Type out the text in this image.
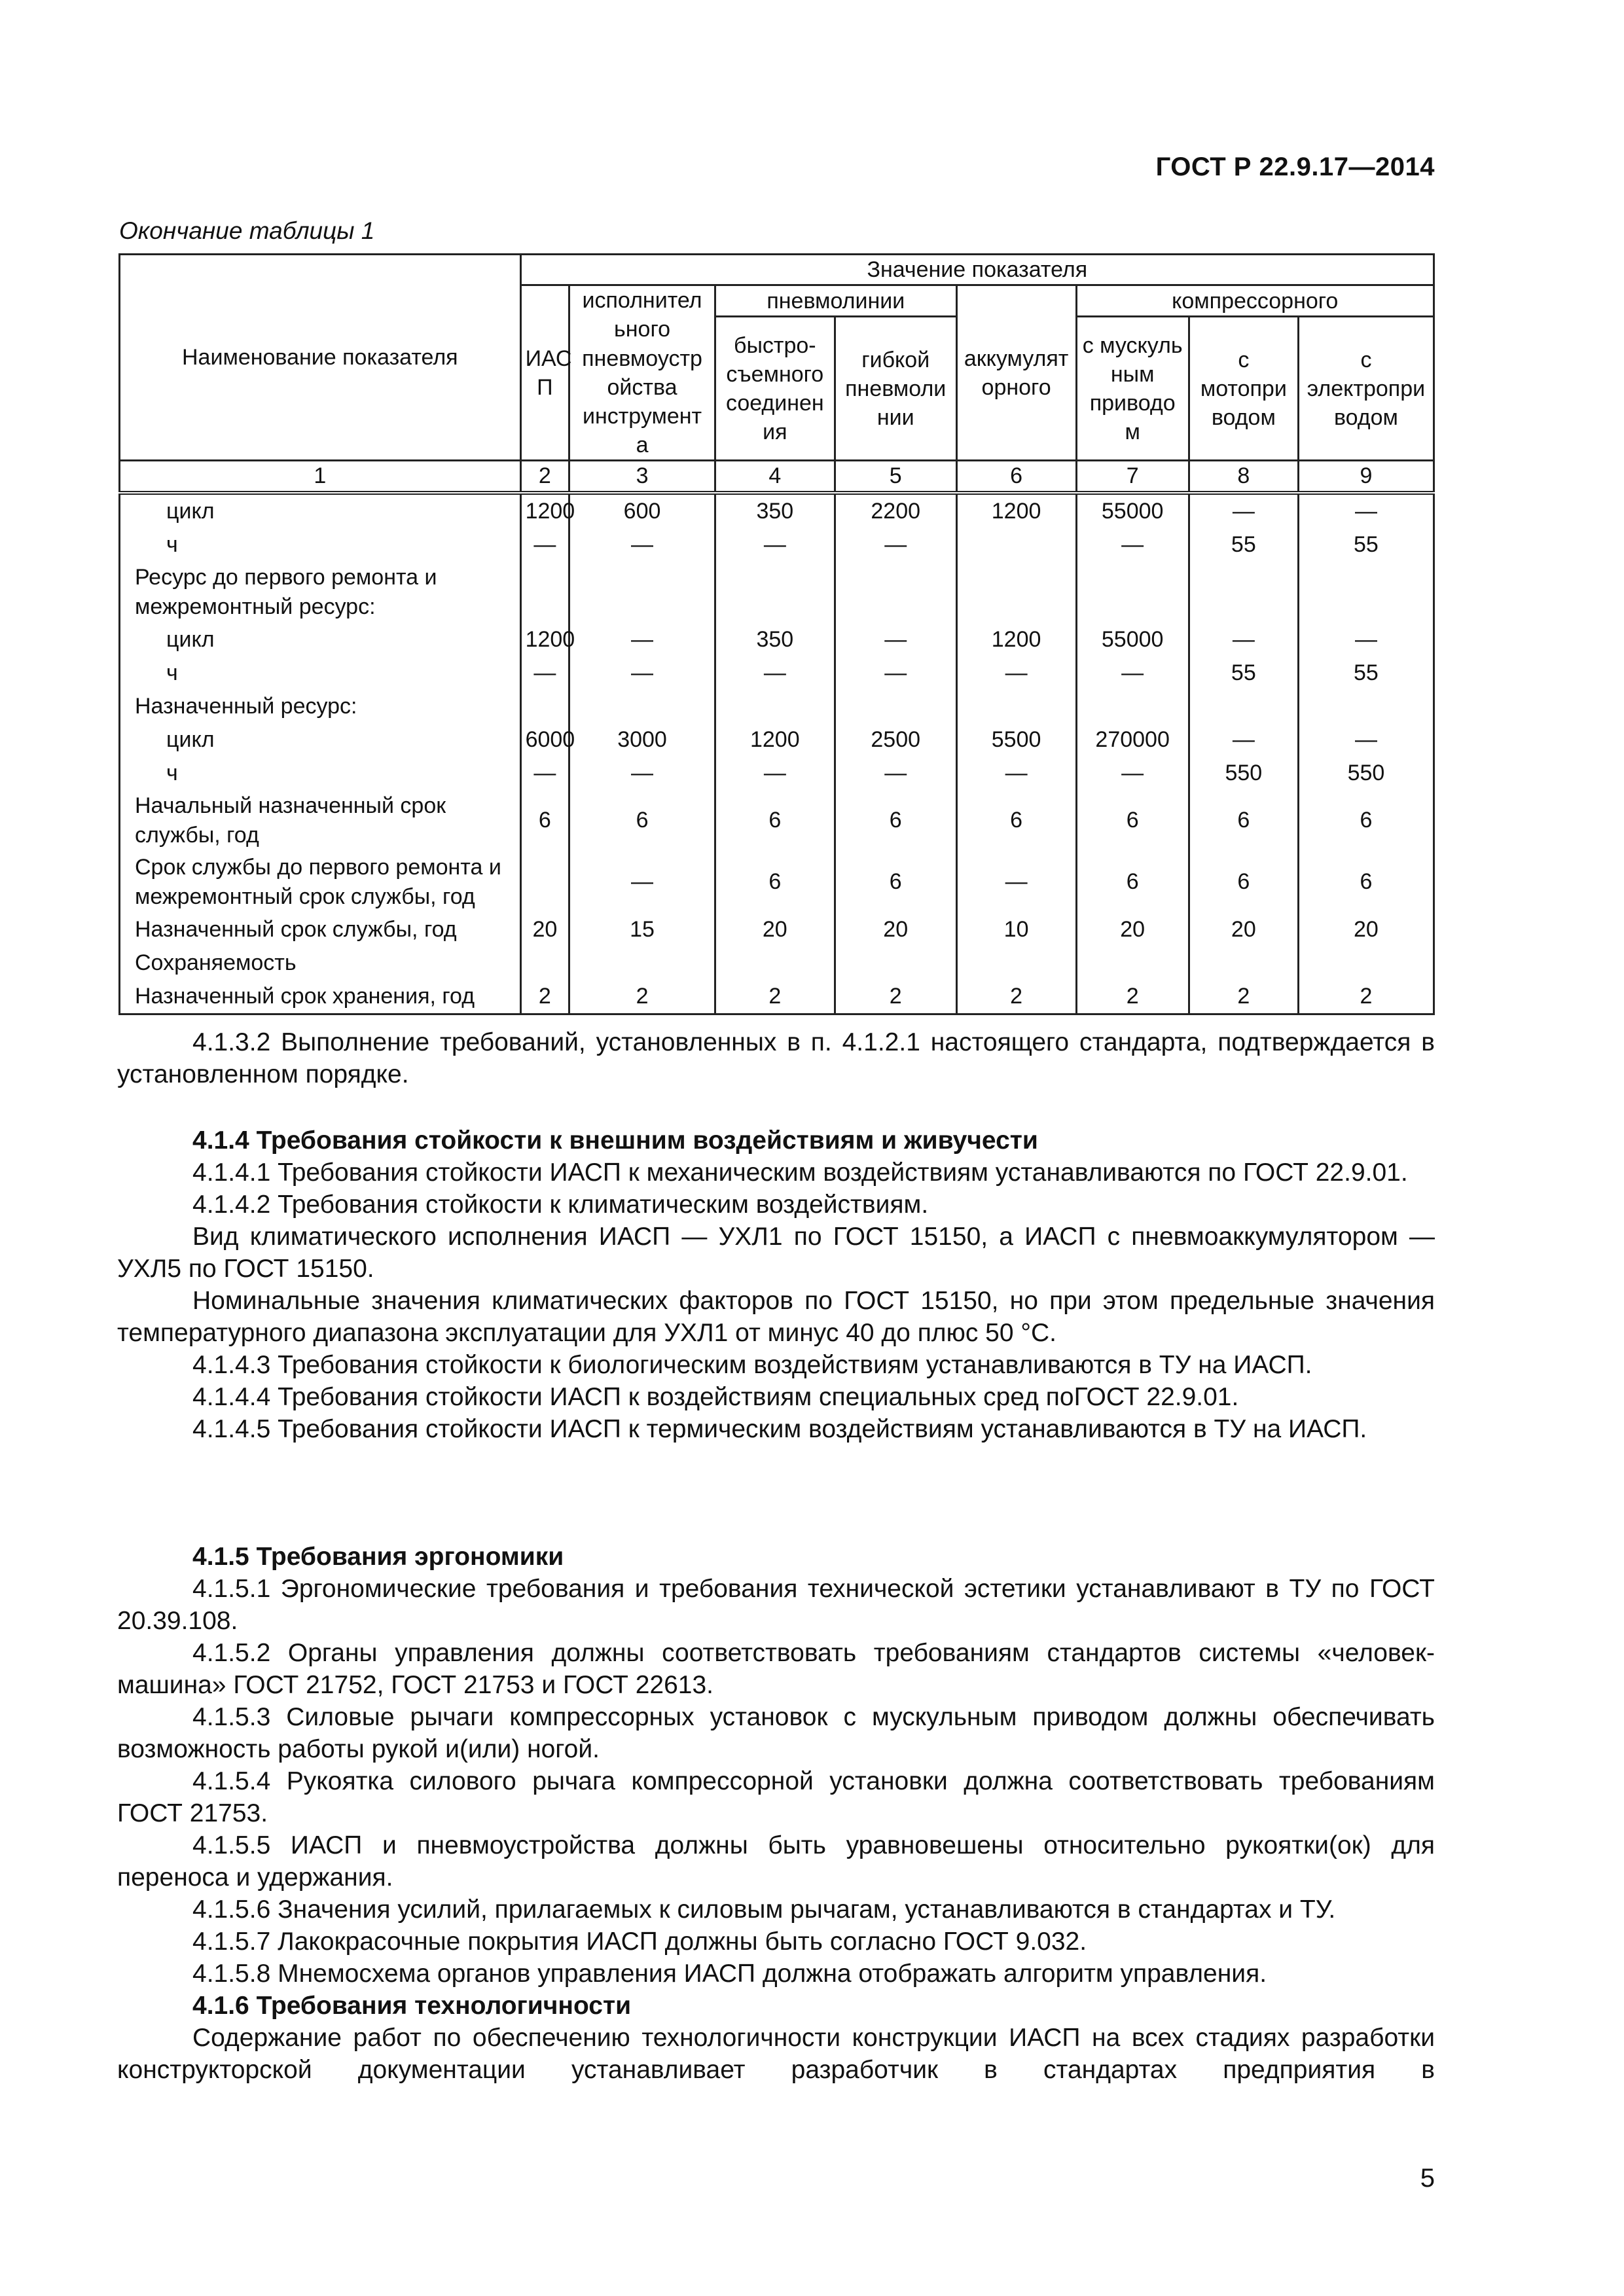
ГОСТ Р 22.9.17—2014
Окончание таблицы 1
Наименование показателя	Значение показателя							
	ИАС П	исполнител ьного пневмоустр ойства инструмент а	пневмолинии		аккумулят орного	компрессорного		
			быстро-съемного соединен ия	гибкой пневмоли нии		с мускуль ным приводо м	с мотопри водом	с электропри водом
1	2	3	4	5	6	7	8	9
цикл	1200	600	350	2200	1200	55000	—	—
ч	—	—	—	—		—	55	55
Ресурс до первого ремонта и межремонтный ресурс:								
цикл	1200	—	350	—	1200	55000	—	—
ч	—	—	—	—	—	—	55	55
Назначенный ресурс:								
цикл	6000	3000	1200	2500	5500	270000	—	—
ч	—	—	—	—	—	—	550	550
Начальный назначенный срок службы, год	6	6	6	6	6	6	6	6
Срок службы до первого ремонта и межремонтный срок службы, год		—	6	6	—	6	6	6
Назначенный срок службы, год	20	15	20	20	10	20	20	20
Сохраняемость								
Назначенный срок хранения, год	2	2	2	2	2	2	2	2

4.1.3.2 Выполнение требований, установленных в п. 4.1.2.1 настоящего стандарта, подтверждается в установленном порядке.

4.1.4 Требования стойкости к внешним воздействиям и живучести

4.1.4.1 Требования стойкости ИАСП к механическим воздействиям устанавливаются по ГОСТ 22.9.01.

4.1.4.2 Требования стойкости к климатическим воздействиям.

Вид климатического исполнения ИАСП — УХЛ1 по ГОСТ 15150, а ИАСП с пневмоаккумулятором — УХЛ5 по ГОСТ 15150.

Номинальные значения климатических факторов по ГОСТ 15150, но при этом предельные значения температурного диапазона эксплуатации для УХЛ1 от минус 40 до плюс 50 °С.

4.1.4.3 Требования стойкости к биологическим воздействиям устанавливаются в ТУ на ИАСП.

4.1.4.4 Требования стойкости ИАСП к воздействиям специальных сред поГОСТ 22.9.01.

4.1.4.5 Требования стойкости ИАСП к термическим воздействиям устанавливаются в ТУ на ИАСП.

4.1.5 Требования эргономики

4.1.5.1 Эргономические требования и требования технической эстетики устанавливают в ТУ по ГОСТ 20.39.108.

4.1.5.2 Органы управления должны соответствовать требованиям стандартов системы «человек-машина» ГОСТ 21752, ГОСТ 21753 и ГОСТ 22613.

4.1.5.3 Силовые рычаги компрессорных установок с мускульным приводом должны обеспечивать возможность работы рукой и(или) ногой.

4.1.5.4 Рукоятка силового рычага компрессорной установки должна соответствовать требованиям ГОСТ 21753.

4.1.5.5 ИАСП и пневмоустройства должны быть уравновешены относительно рукоятки(ок) для переноса и удержания.

4.1.5.6 Значения усилий, прилагаемых к силовым рычагам, устанавливаются в стандартах и ТУ.

4.1.5.7 Лакокрасочные покрытия ИАСП должны быть согласно ГОСТ 9.032.

4.1.5.8 Мнемосхема органов управления ИАСП должна отображать алгоритм управления.

4.1.6 Требования технологичности

Содержание работ по обеспечению технологичности конструкции ИАСП на всех стадиях разработки конструкторской документации устанавливает разработчик в стандартах предприятия в

5
